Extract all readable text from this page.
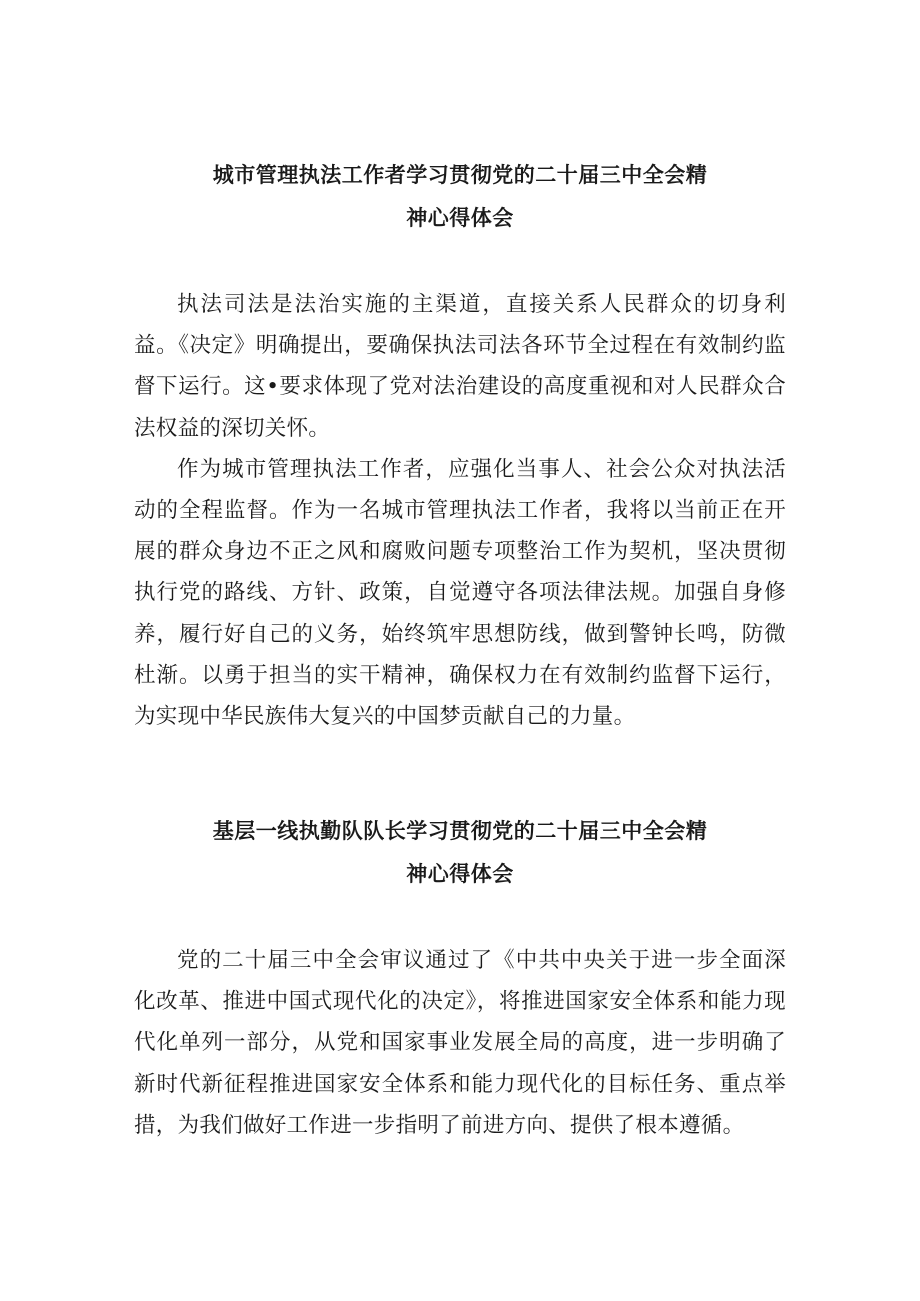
城市管理执法工作者学习贯彻党的二十届三中全会精
神心得体会

执法司法是法治实施的主渠道，直接关系人民群众的切身利益。《决定》明确提出，要确保执法司法各环节全过程在有效制约监督下运行。这•要求体现了党对法治建设的高度重视和对人民群众合法权益的深切关怀。

作为城市管理执法工作者，应强化当事人、社会公众对执法活动的全程监督。作为一名城市管理执法工作者，我将以当前正在开展的群众身边不正之风和腐败问题专项整治工作为契机，坚决贯彻执行党的路线、方针、政策，自觉遵守各项法律法规。加强自身修养，履行好自己的义务，始终筑牢思想防线，做到警钟长鸣，防微杜渐。以勇于担当的实干精神，确保权力在有效制约监督下运行，为实现中华民族伟大复兴的中国梦贡献自己的力量。

基层一线执勤队队长学习贯彻党的二十届三中全会精
神心得体会

党的二十届三中全会审议通过了《中共中央关于进一步全面深化改革、推进中国式现代化的决定》，将推进国家安全体系和能力现代化单列一部分，从党和国家事业发展全局的高度，进一步明确了新时代新征程推进国家安全体系和能力现代化的目标任务、重点举措，为我们做好工作进一步指明了前进方向、提供了根本遵循。
